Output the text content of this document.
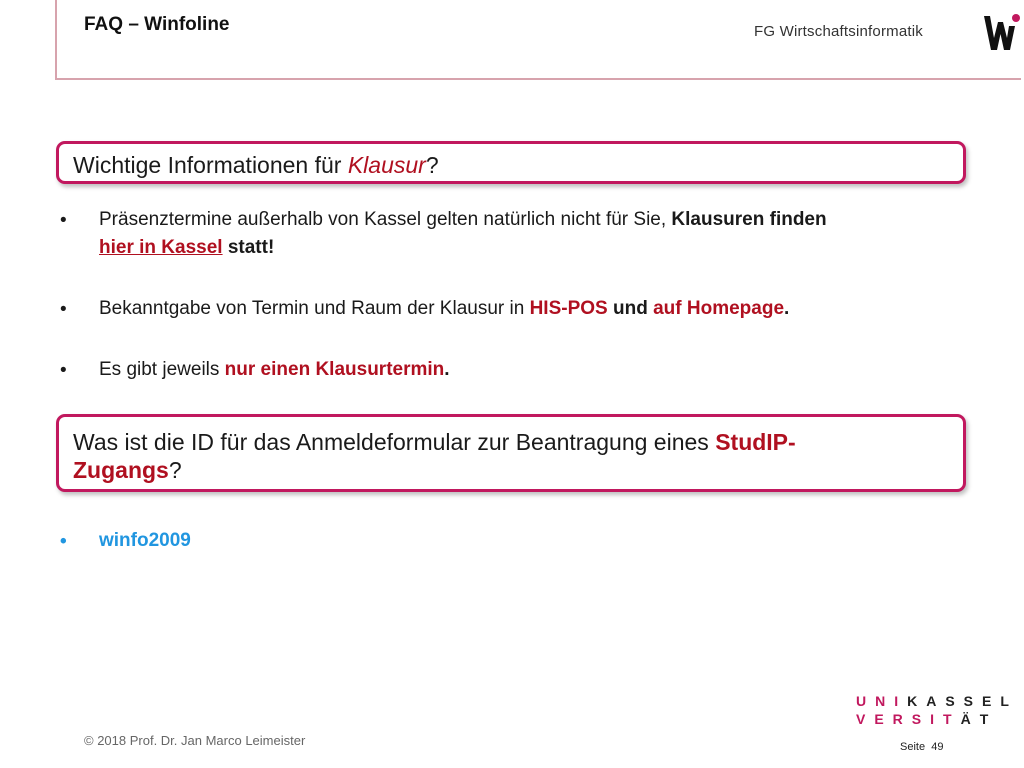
FAQ – Winfoline	FG Wirtschaftsinformatik
Wichtige Informationen für Klausur?
• Präsenztermine außerhalb von Kassel gelten natürlich nicht für Sie, Klausuren finden
hier in Kassel statt!
• Bekanntgabe von Termin und Raum der Klausur in HIS-POS und auf Homepage.
• Es gibt jeweils nur einen Klausurtermin.
Was ist die ID für das Anmeldeformular zur Beantragung eines StudIP-
Zugangs?
• winfo2009
© 2018 Prof. Dr. Jan Marco Leimeister
UNIKASSEL
VERSITÄT
Seite 49
